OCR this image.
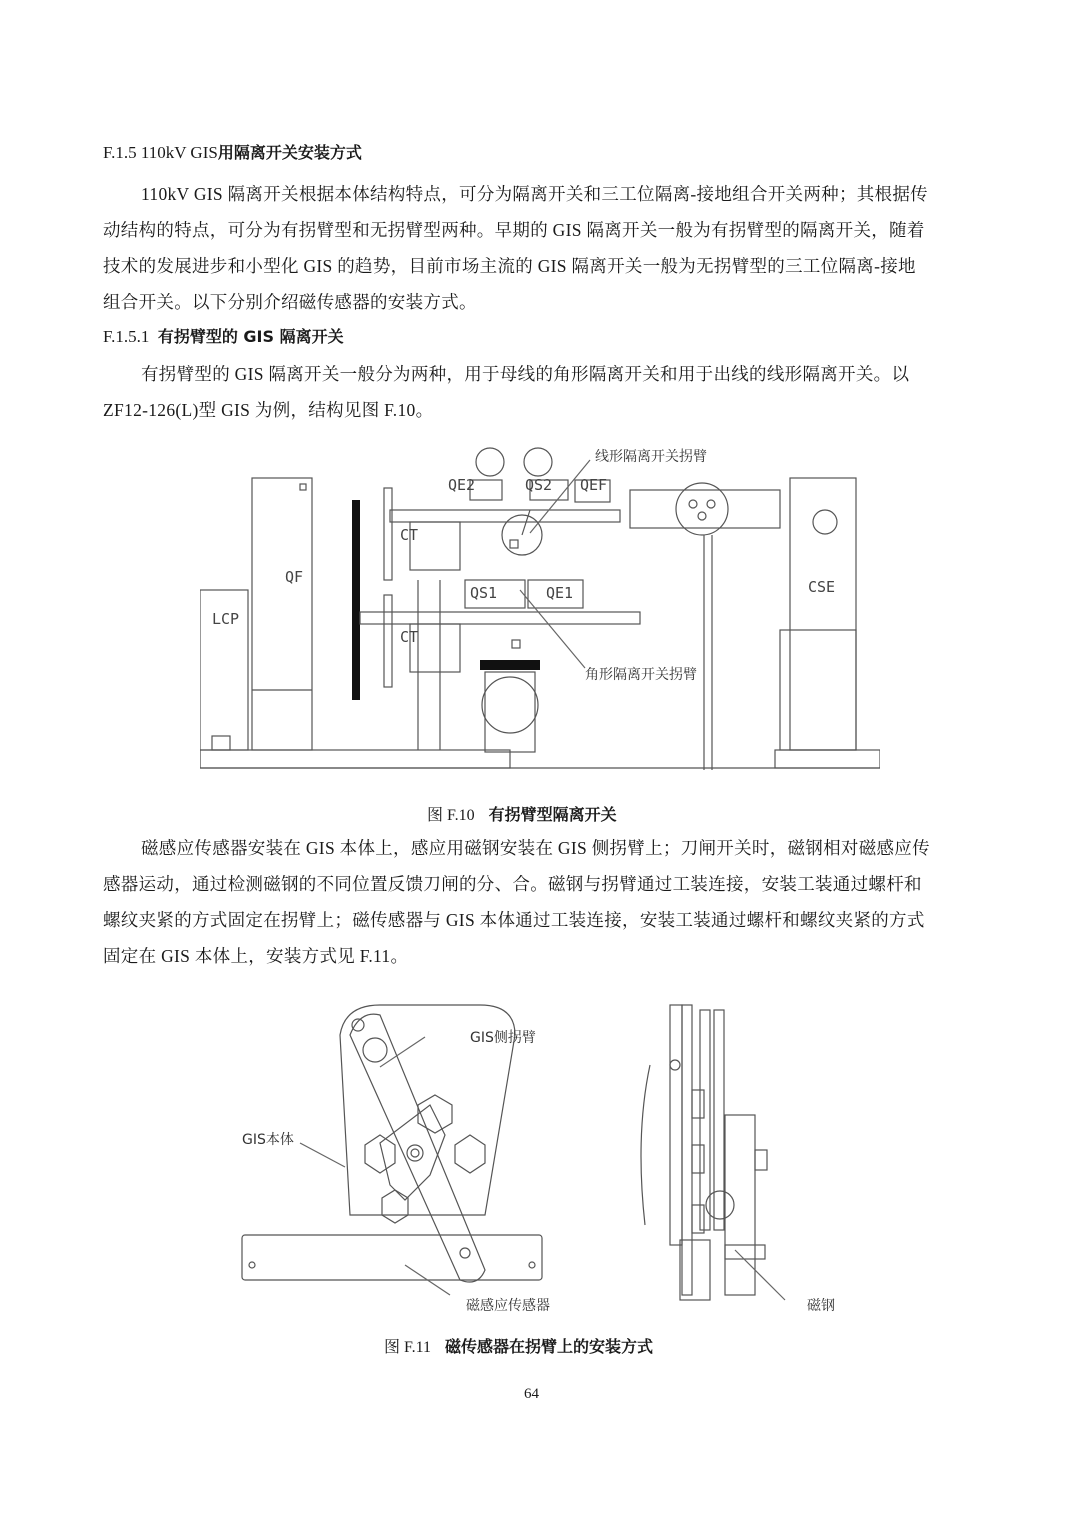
F.1.5 110kV GIS用隔离开关安装方式
110kV GIS 隔离开关根据本体结构特点，可分为隔离开关和三工位隔离-接地组合开关两种；其根据传
动结构的特点，可分为有拐臂型和无拐臂型两种。早期的 GIS 隔离开关一般为有拐臂型的隔离开关，随着
技术的发展进步和小型化 GIS 的趋势，目前市场主流的 GIS 隔离开关一般为无拐臂型的三工位隔离-接地
组合开关。以下分别介绍磁传感器的安装方式。
F.1.5.1 有拐臂型的 GIS 隔离开关
有拐臂型的 GIS 隔离开关一般分为两种，用于母线的角形隔离开关和用于出线的线形隔离开关。以
ZF12-126(L)型 GIS 为例，结构见图 F.10。
线形隔离开关拐臂
角形隔离开关拐臂
QE2	QS2 QEF
CT
CT
QF
LCP
QS1	QE1	CSE
图 F.10 有拐臂型隔离开关
磁感应传感器安装在 GIS 本体上，感应用磁钢安装在 GIS 侧拐臂上；刀闸开关时，磁钢相对磁感应传
感器运动，通过检测磁钢的不同位置反馈刀闸的分、合。磁钢与拐臂通过工装连接，安装工装通过螺杆和
螺纹夹紧的方式固定在拐臂上；磁传感器与 GIS 本体通过工装连接，安装工装通过螺杆和螺纹夹紧的方式
固定在 GIS 本体上，安装方式见 F.11。
GIS侧拐臂
GIS本体
磁感应传感器	磁钢
图 F.11 磁传感器在拐臂上的安装方式
64
